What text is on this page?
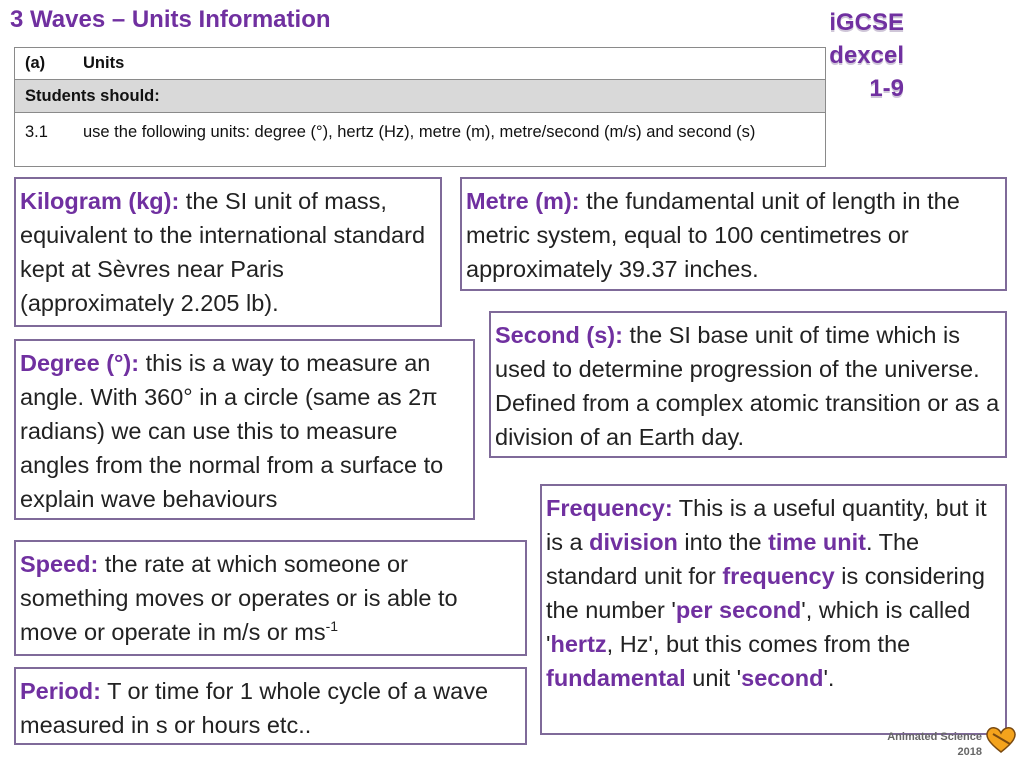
3 Waves – Units Information	iGCSE
dexcel
1-9
(a)	Units
Students should:
3.1	use the following units: degree (°), hertz (Hz), metre (m), metre/second (m/s) and second (s)
Kilogram (kg): the SI unit of mass, equivalent to the international standard kept at Sèvres near Paris (approximately 2.205 lb).
Metre (m): the fundamental unit of length in the metric system, equal to 100 centimetres or approximately 39.37 inches.
Second (s): the SI base unit of time which is used to determine progression of the universe. Defined from a complex atomic transition or as a division of an Earth day.
Degree (°): this is a way to measure an angle. With 360° in a circle (same as 2π radians) we can use this to measure angles from the normal from a surface to explain wave behaviours	Frequency: This is a useful quantity, but it is a division into the time unit. The standard unit for frequency is considering the number 'per second', which is called 'hertz, Hz', but this comes from the fundamental unit 'second'.
Speed: the rate at which someone or something moves or operates or is able to move or operate in m/s or $ms^{-1}$
Period: T or time for 1 whole cycle of a wave measured in s or hours etc..	Animated Science
2018
